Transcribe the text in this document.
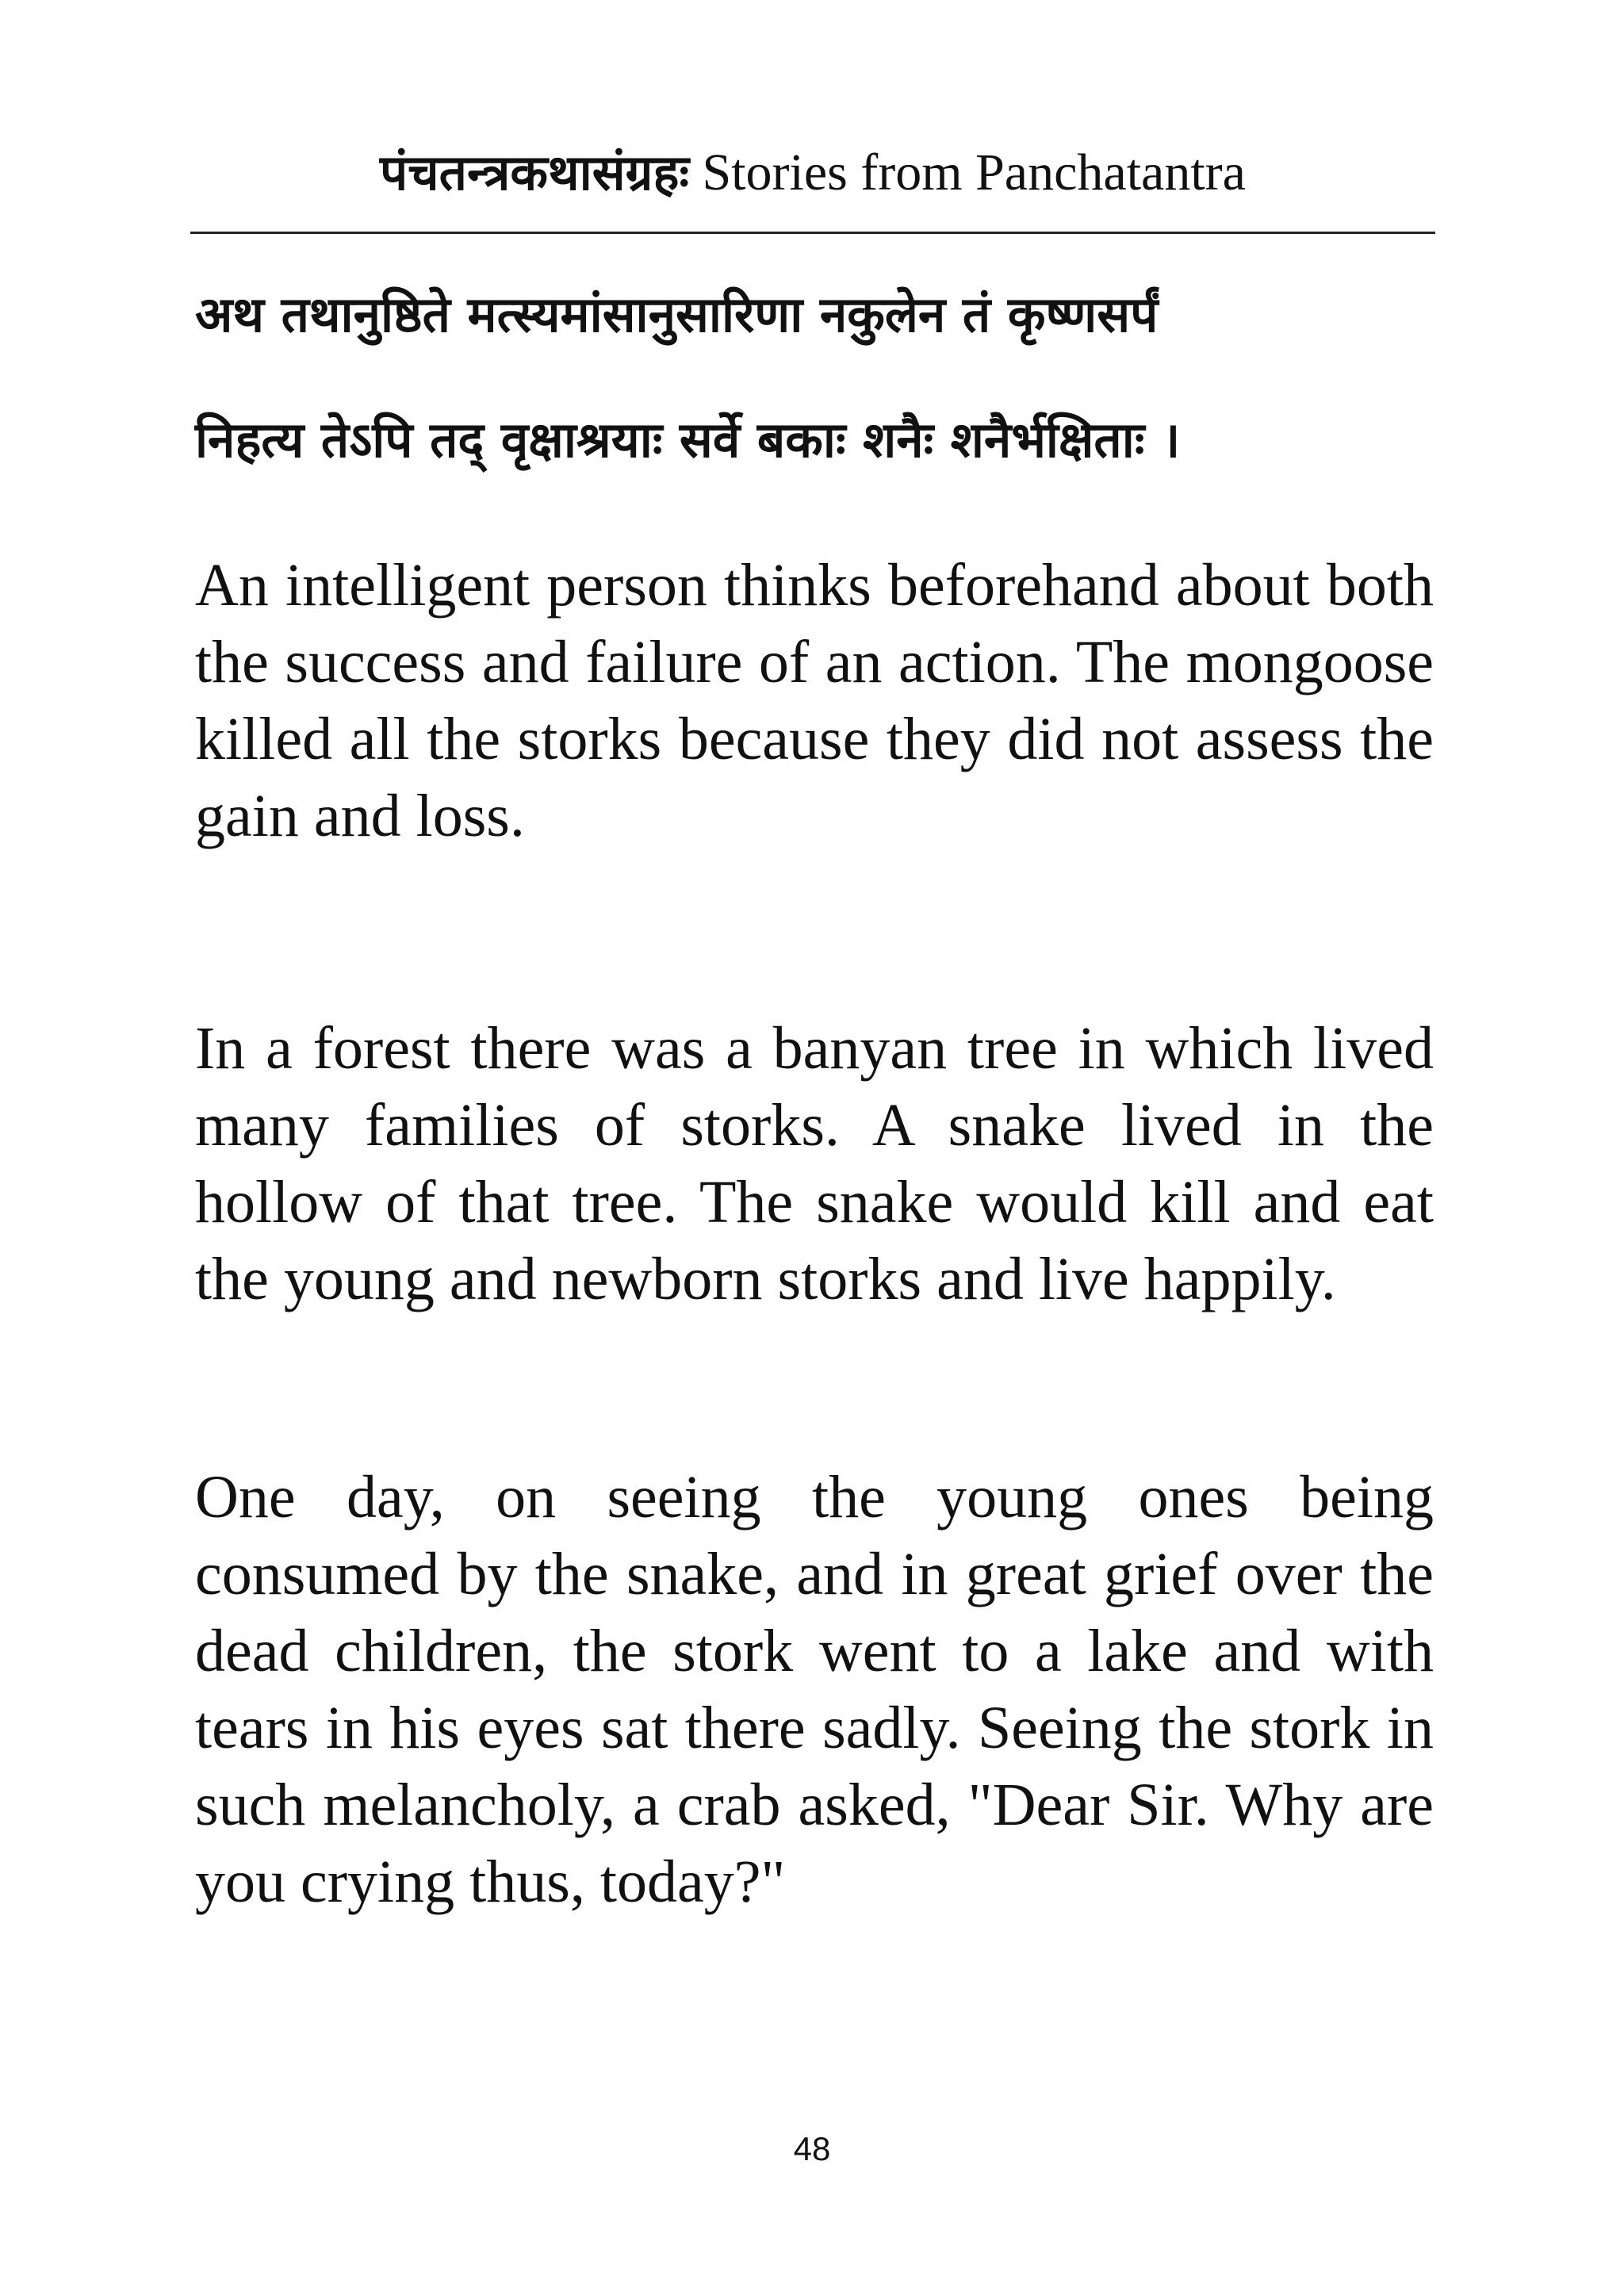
पंचतन्त्रकथासंग्रहः Stories from Panchatantra
अथ तथानुष्ठिते मत्स्यमांसानुसारिणा नकुलेन तं कृष्णसर्पं
निहत्य तेऽपि तद् वृक्षाश्रयाः सर्वे बकाः शनैः शनैर्भक्षिताः ।

An intelligent person thinks beforehand about both the success and failure of an action. The mongoose killed all the storks because they did not assess the gain and loss.

In a forest there was a banyan tree in which lived many families of storks. A snake lived in the hollow of that tree. The snake would kill and eat the young and newborn storks and live happily.

One day, on seeing the young ones being consumed by the snake, and in great grief over the dead children, the stork went to a lake and with tears in his eyes sat there sadly. Seeing the stork in such melancholy, a crab asked, "Dear Sir. Why are you crying thus, today?"

48
